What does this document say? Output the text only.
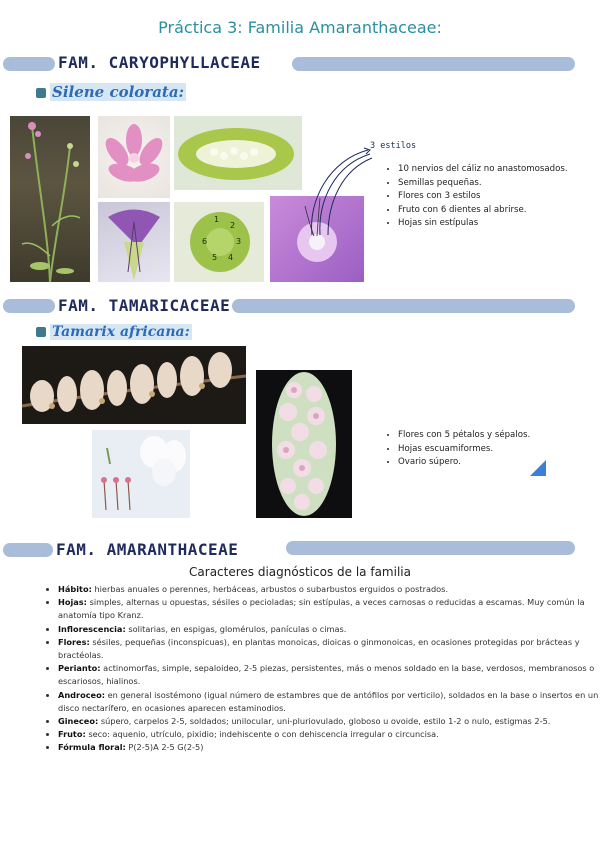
Práctica 3: Familia Amaranthaceae:
FAM. CARYOPHYLLACEAE
Silene colorata:
1
2
3
4
5
6
3 estilos
• 10 nervios del cáliz no anastomosados.
• Semillas pequeñas.
• Flores con 3 estilos
• Fruto con 6 dientes al abrirse.
• Hojas sin estípulas
FAM. TAMARICACEAE
Tamarix africana:
• Flores con 5 pétalos y sépalos.
• Hojas escuamiformes.
• Ovario súpero.
FAM. AMARANTHACEAE
Caracteres diagnósticos de la familia
• Hábito: hierbas anuales o perennes, herbáceas, arbustos o subarbustos erguidos o postrados.
• Hojas: simples, alternas u opuestas, sésiles o pecioladas; sin estípulas, a veces carnosas o reducidas a escamas. Muy común la anatomía tipo Kranz.
• Inflorescencia: solitarias, en espigas, glomérulos, panículas o cimas.
• Flores: sésiles, pequeñas (inconspicuas), en plantas monoicas, dioicas o ginmonoicas, en ocasiones protegidas por brácteas y bractéolas.
• Perianto: actinomorfas, simple, sepaloideo, 2-5 piezas, persistentes, más o menos soldado en la base, verdosos, membranosos o escariosos, hialinos.
• Androceo: en general isostémono (igual número de estambres que de antófilos por verticilo), soldados en la base o insertos en un disco nectarífero, en ocasiones aparecen estaminodios.
• Gineceo: súpero, carpelos 2-5, soldados; unilocular, uni-pluriovulado, globoso u ovoide, estilo 1-2 o nulo, estigmas 2-5.
• Fruto: seco: aquenio, utrículo, pixidio; indehiscente o con dehiscencia irregular o circuncisa.
• Fórmula floral: P(2-5)A 2-5 G(2-5)
